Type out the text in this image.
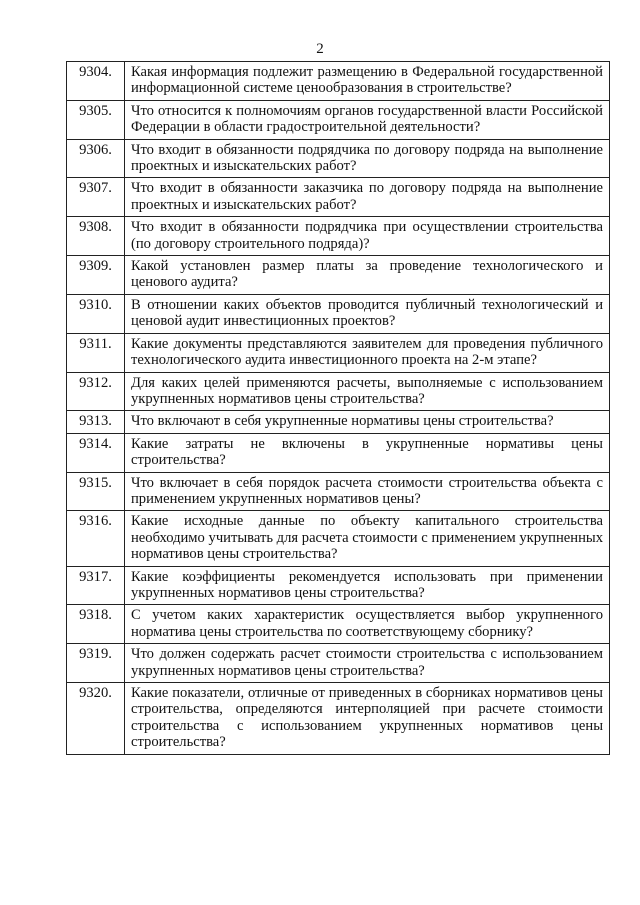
2
9304.	Какая информация подлежит размещению в Федеральной государственной информационной системе ценообразования в строительстве?
9305.	Что относится к полномочиям органов государственной власти Российской Федерации в области градостроительной деятельности?
9306.	Что входит в обязанности подрядчика по договору подряда на выполнение проектных и изыскательских работ?
9307.	Что входит в обязанности заказчика по договору подряда на выполнение проектных и изыскательских работ?
9308.	Что входит в обязанности подрядчика при осуществлении строительства (по договору строительного подряда)?
9309.	Какой установлен размер платы за проведение технологического и ценового аудита?
9310.	В отношении каких объектов проводится публичный технологический и ценовой аудит инвестиционных проектов?
9311.	Какие документы представляются заявителем для проведения публичного технологического аудита инвестиционного проекта на 2-м этапе?
9312.	Для каких целей применяются расчеты, выполняемые с использованием укрупненных нормативов цены строительства?
9313.	Что включают в себя укрупненные нормативы цены строительства?
9314.	Какие затраты не включены в укрупненные нормативы цены строительства?
9315.	Что включает в себя порядок расчета стоимости строительства объекта с применением укрупненных нормативов цены?
9316.	Какие исходные данные по объекту капитального строительства необходимо учитывать для расчета стоимости с применением укрупненных нормативов цены строительства?
9317.	Какие коэффициенты рекомендуется использовать при применении укрупненных нормативов цены строительства?
9318.	С учетом каких характеристик осуществляется выбор укрупненного норматива цены строительства по соответствующему сборнику?
9319.	Что должен содержать расчет стоимости строительства с использованием укрупненных нормативов цены строительства?
9320.	Какие показатели, отличные от приведенных в сборниках нормативов цены строительства, определяются интерполяцией при расчете стоимости строительства с использованием укрупненных нормативов цены строительства?
